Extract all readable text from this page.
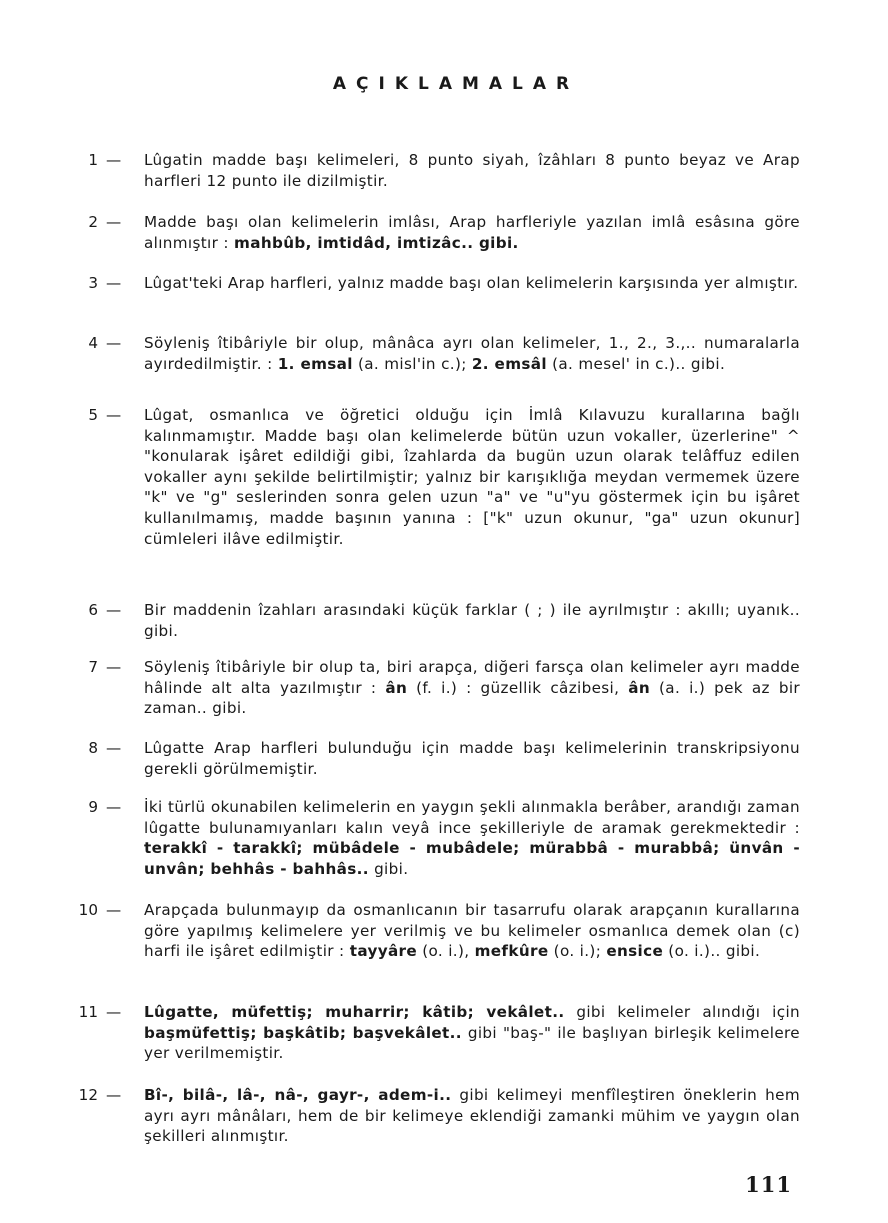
AÇIKLAMALAR
1 —	Lûgatin madde başı kelimeleri, 8 punto siyah, îzâhları 8 punto beyaz ve Arap harfleri 12 punto ile dizilmiştir.
2 —	Madde başı olan kelimelerin imlâsı, Arap harfleriyle yazılan imlâ esâsına göre alınmıştır : mahbûb, imtidâd, imtizâc.. gibi.
3 —	Lûgat'teki Arap harfleri, yalnız madde başı olan kelimelerin karşısında yer almıştır.
4 —	Söyleniş îtibâriyle bir olup, mânâca ayrı olan kelimeler, 1., 2., 3.,.. numaralarla ayırdedilmiştir. : 1. emsal (a. misl'in c.); 2. emsâl (a. mesel' in c.).. gibi.
5 —	Lûgat, osmanlıca ve öğretici olduğu için İmlâ Kılavuzu kurallarına bağlı kalınmamıştır. Madde başı olan kelimelerde bütün uzun vokaller, üzerlerine" ^ "konularak işâret edildiği gibi, îzahlarda da bugün uzun olarak telâffuz edilen vokaller aynı şekilde belirtilmiştir; yalnız bir karışıklığa meydan vermemek üzere "k" ve "g" seslerinden sonra gelen uzun "a" ve "u"yu göstermek için bu işâret kullanılmamış, madde başının yanına : ["k" uzun okunur, "ga" uzun okunur] cümleleri ilâve edilmiştir.
6 —	Bir maddenin îzahları arasındaki küçük farklar ( ; ) ile ayrılmıştır : akıllı; uyanık.. gibi.
7 —	Söyleniş îtibâriyle bir olup ta, biri arapça, diğeri farsça olan kelimeler ayrı madde hâlinde alt alta yazılmıştır : ân (f. i.) : güzellik câzibesi, ân (a. i.) pek az bir zaman.. gibi.
8 —	Lûgatte Arap harfleri bulunduğu için madde başı kelimelerinin transkripsiyonu gerekli görülmemiştir.
9 —	İki türlü okunabilen kelimelerin en yaygın şekli alınmakla berâber, arandığı zaman lûgatte bulunamıyanları kalın veyâ ince şekilleriyle de aramak gerekmektedir : terakkî - tarakkî; mübâdele - mubâdele; mürabbâ - murabbâ; ünvân - unvân; behhâs - bahhâs.. gibi.
10 —	Arapçada bulunmayıp da osmanlıcanın bir tasarrufu olarak arapçanın kurallarına göre yapılmış kelimelere yer verilmiş ve bu kelimeler osmanlıca demek olan (c) harfi ile işâret edilmiştir : tayyâre (o. i.), mefkûre (o. i.); ensice (o. i.).. gibi.
11 —	Lûgatte, müfettiş; muharrir; kâtib; vekâlet.. gibi kelimeler alındığı için başmüfettiş; başkâtib; başvekâlet.. gibi "baş-" ile başlıyan birleşik kelimelere yer verilmemiştir.
12 —	Bî-, bilâ-, lâ-, nâ-, gayr-, adem-i.. gibi kelimeyi menfîleştiren öneklerin hem ayrı ayrı mânâları, hem de bir kelimeye eklendiği zamanki mühim ve yaygın olan şekilleri alınmıştır.
111
